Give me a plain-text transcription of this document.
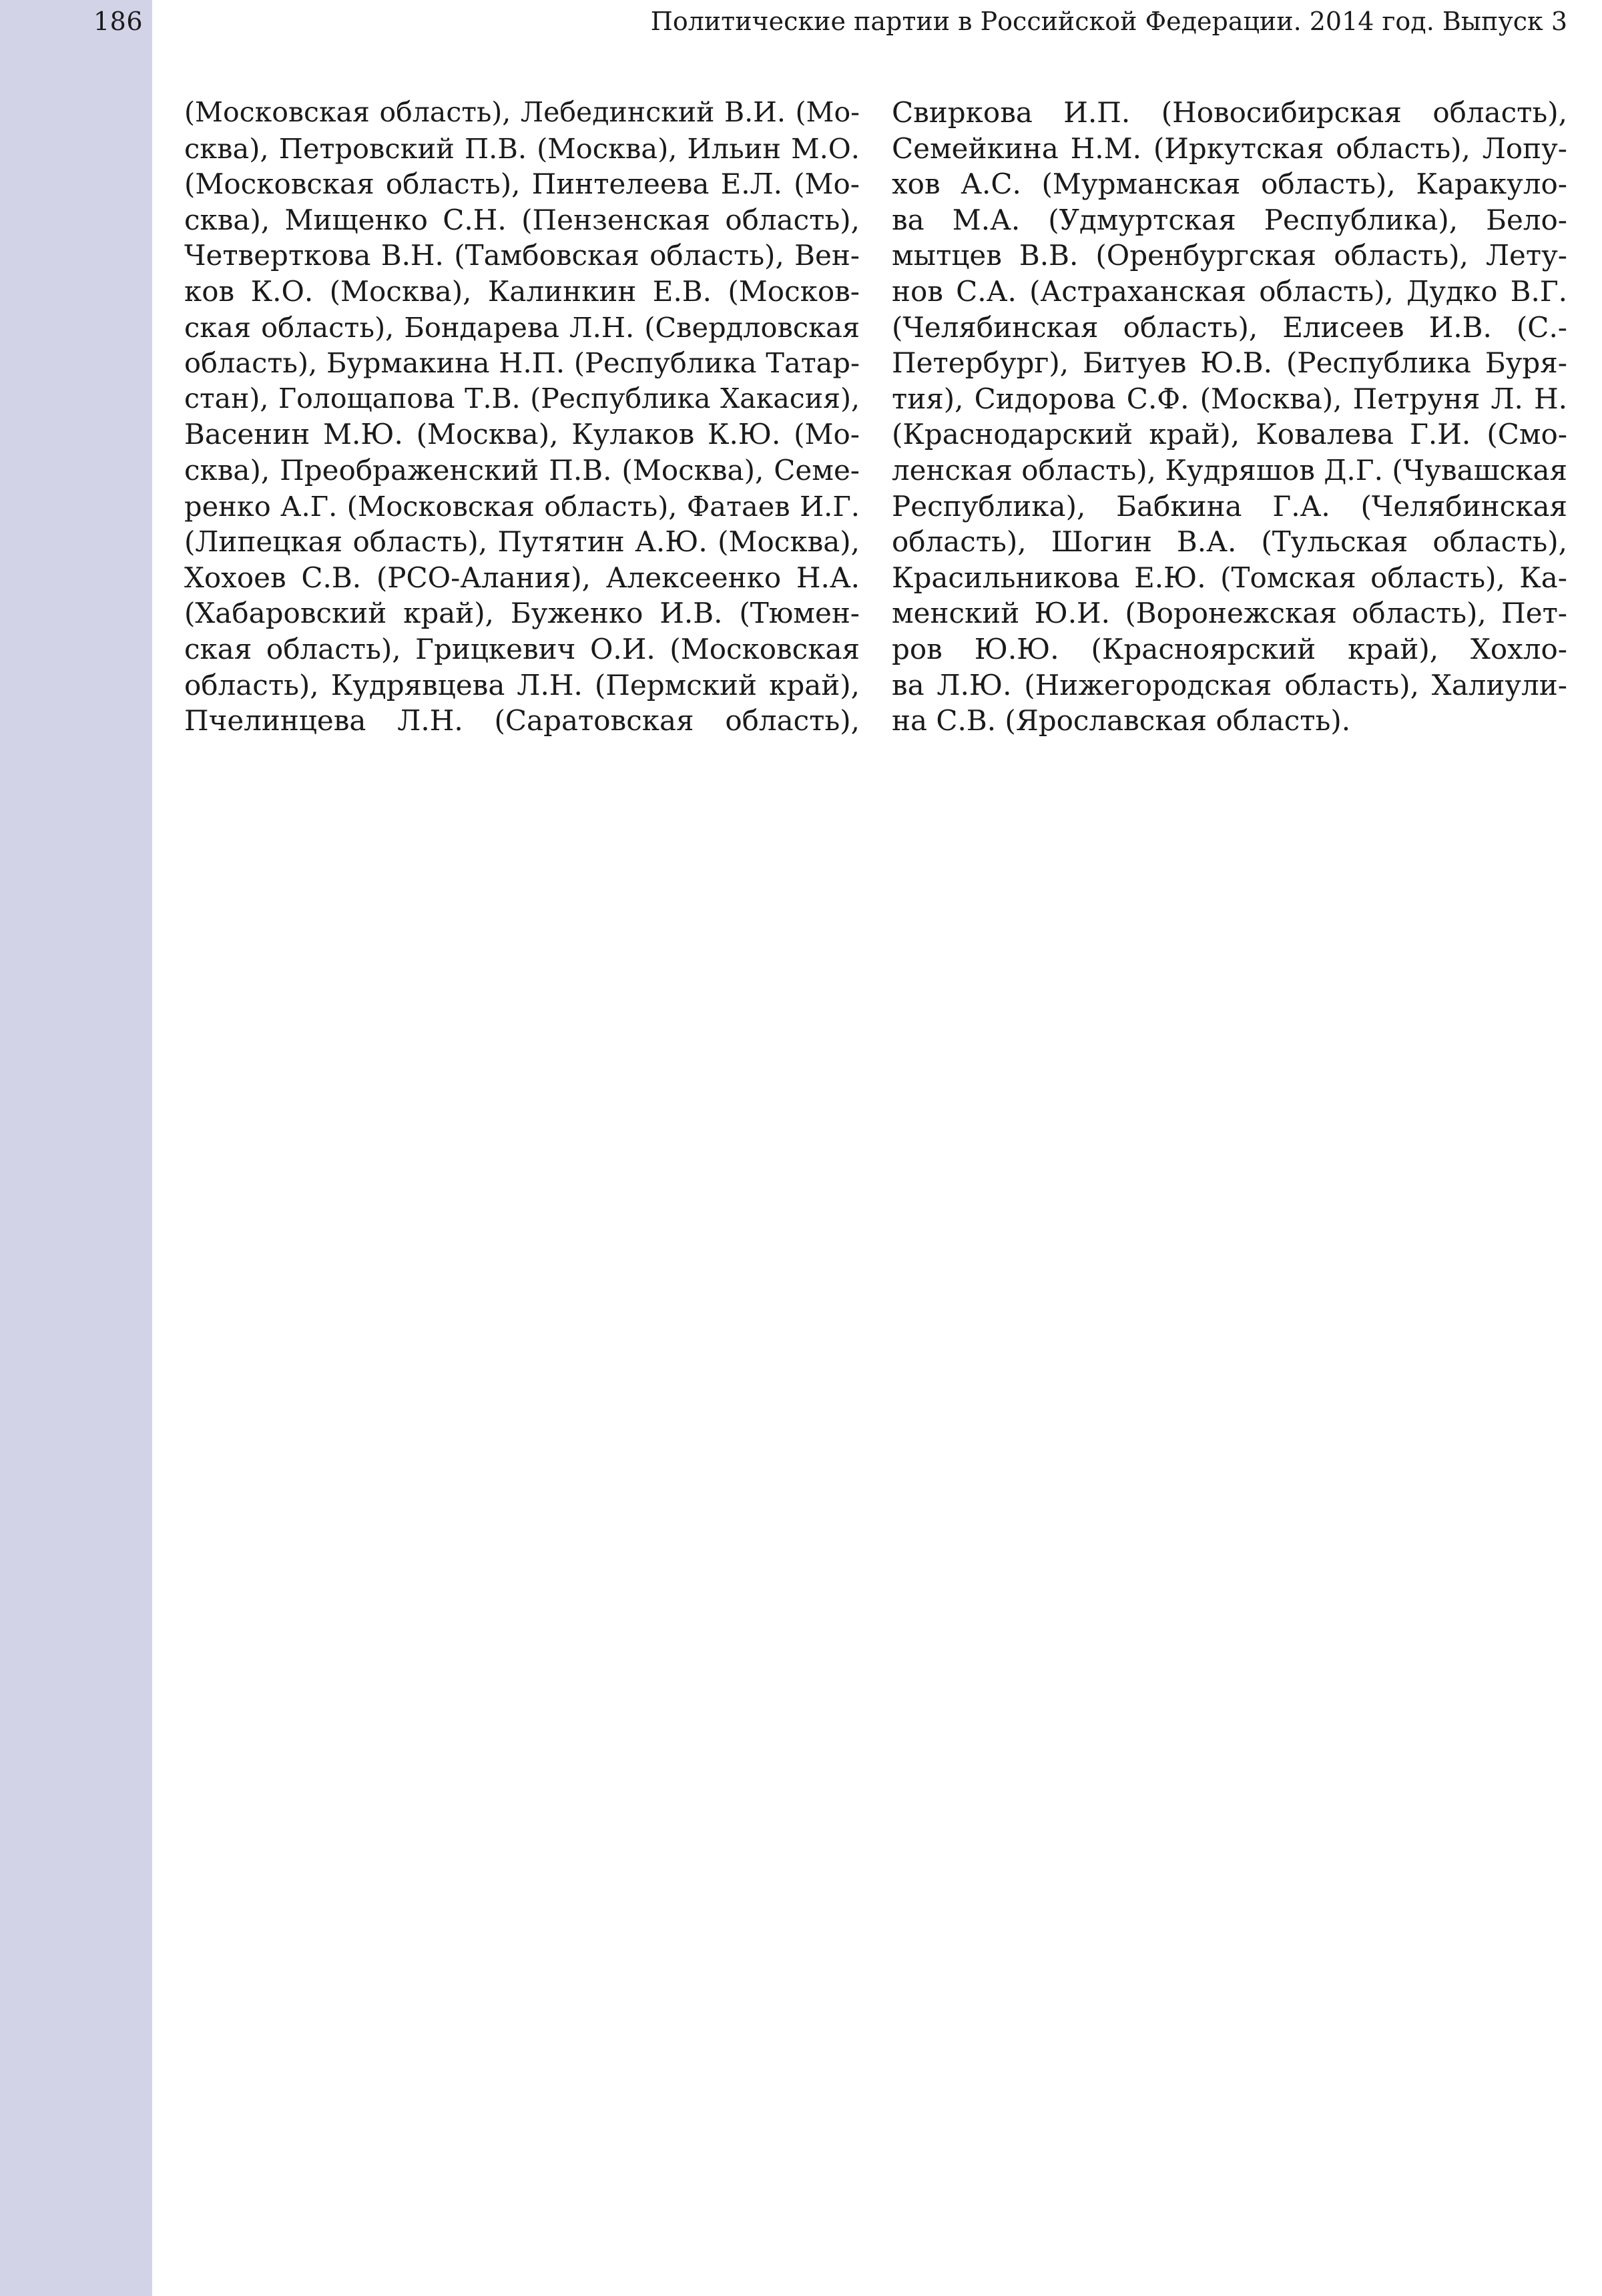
186	Политические партии в Российской Федерации. 2014 год. Выпуск 3
(Московская область), Лебединский В.И. (Мо-
сква), Петровский П.В. (Москва), Ильин М.О.
(Московская область), Пинтелеева Е.Л. (Мо-
сква), Мищенко С.Н. (Пензенская область),
Четверткова В.Н. (Тамбовская область), Вен-
ков К.О. (Москва), Калинкин Е.В. (Москов-
ская область), Бондарева Л.Н. (Свердловская
область), Бурмакина Н.П. (Республика Татар-
стан), Голощапова Т.В. (Республика Хакасия),
Васенин М.Ю. (Москва), Кулаков К.Ю. (Мо-
сква), Преображенский П.В. (Москва), Семе-
ренко А.Г. (Московская область), Фатаев И.Г.
(Липецкая область), Путятин А.Ю. (Москва),
Хохоев С.В. (РСО-Алания), Алексеенко Н.А.
(Хабаровский край), Буженко И.В. (Тюмен-
ская область), Грицкевич О.И. (Московская
область), Кудрявцева Л.Н. (Пермский край),
Пчелинцева Л.Н. (Саратовская область),
Свиркова И.П. (Новосибирская область),
Семейкина Н.М. (Иркутская область), Лопу-
хов А.С. (Мурманская область), Каракуло-
ва М.А. (Удмуртская Республика), Бело-
мытцев В.В. (Оренбургская область), Лету-
нов С.А. (Астраханская область), Дудко В.Г.
(Челябинская область), Елисеев И.В. (С.-
Петербург), Битуев Ю.В. (Республика Буря-
тия), Сидорова С.Ф. (Москва), Петруня Л. Н.
(Краснодарский край), Ковалева Г.И. (Смо-
ленская область), Кудряшов Д.Г. (Чувашская
Республика), Бабкина Г.А. (Челябинская
область), Шогин В.А. (Тульская область),
Красильникова Е.Ю. (Томская область), Ка-
менский Ю.И. (Воронежская область), Пет-
ров Ю.Ю. (Красноярский край), Хохло-
ва Л.Ю. (Нижегородская область), Халиули-
на С.В. (Ярославская область).
